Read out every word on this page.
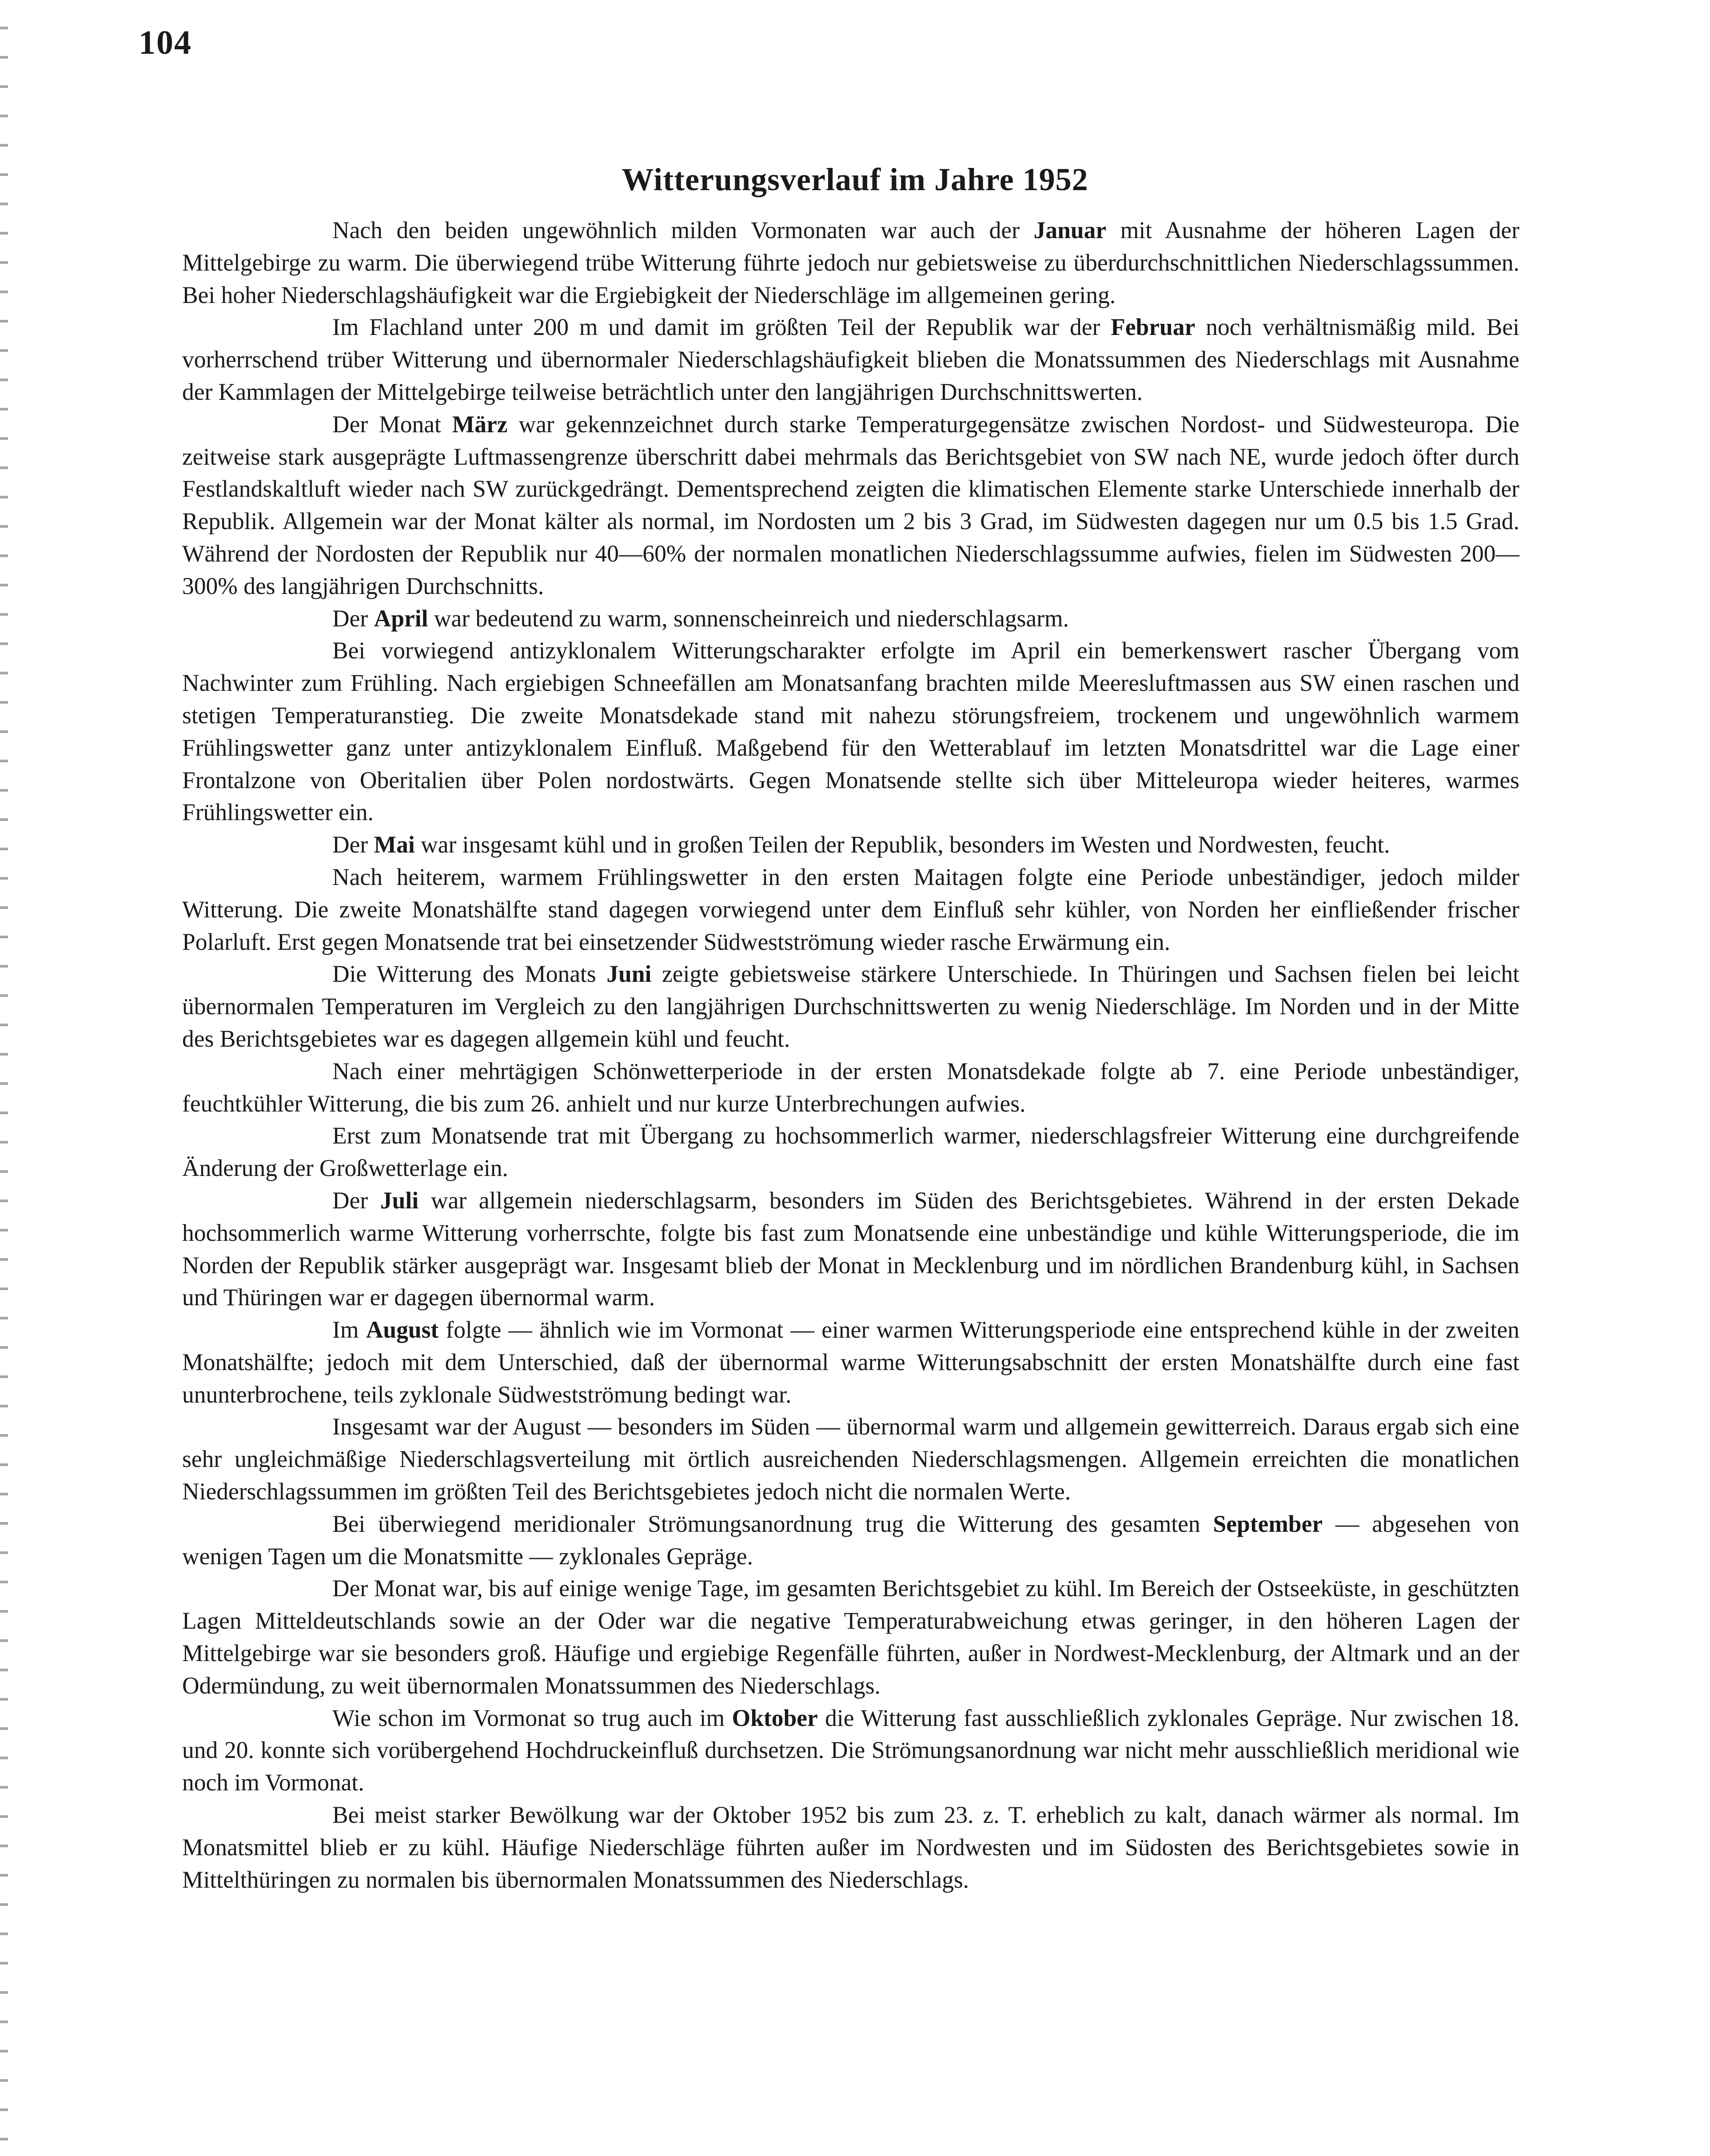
104
Witterungsverlauf im Jahre 1952

Nach den beiden ungewöhnlich milden Vormonaten war auch der Januar mit Ausnahme der höheren Lagen der Mittelgebirge zu warm. Die überwiegend trübe Witterung führte jedoch nur gebietsweise zu überdurchschnittlichen Niederschlagssummen. Bei hoher Niederschlagshäufigkeit war die Ergiebigkeit der Niederschläge im allgemeinen gering.

Im Flachland unter 200 m und damit im größten Teil der Republik war der Februar noch verhältnismäßig mild. Bei vorherrschend trüber Witterung und übernormaler Niederschlagshäufigkeit blieben die Monatssummen des Niederschlags mit Ausnahme der Kammlagen der Mittelgebirge teilweise beträchtlich unter den langjährigen Durchschnittswerten.

Der Monat März war gekennzeichnet durch starke Temperaturgegensätze zwischen Nordost- und Südwesteuropa. Die zeitweise stark ausgeprägte Luftmassengrenze überschritt dabei mehrmals das Berichtsgebiet von SW nach NE, wurde jedoch öfter durch Festlandskaltluft wieder nach SW zurückgedrängt. Dementsprechend zeigten die klimatischen Elemente starke Unterschiede innerhalb der Republik. Allgemein war der Monat kälter als normal, im Nordosten um 2 bis 3 Grad, im Südwesten dagegen nur um 0.5 bis 1.5 Grad. Während der Nordosten der Republik nur 40—60% der normalen monatlichen Niederschlagssumme aufwies, fielen im Südwesten 200—300% des langjährigen Durchschnitts.

Der April war bedeutend zu warm, sonnenscheinreich und niederschlagsarm.

Bei vorwiegend antizyklonalem Witterungscharakter erfolgte im April ein bemerkenswert rascher Übergang vom Nachwinter zum Frühling. Nach ergiebigen Schneefällen am Monatsanfang brachten milde Meeresluftmassen aus SW einen raschen und stetigen Temperaturanstieg. Die zweite Monatsdekade stand mit nahezu störungsfreiem, trockenem und ungewöhnlich warmem Frühlingswetter ganz unter antizyklonalem Einfluß. Maßgebend für den Wetterablauf im letzten Monatsdrittel war die Lage einer Frontalzone von Oberitalien über Polen nordostwärts. Gegen Monatsende stellte sich über Mitteleuropa wieder heiteres, warmes Frühlingswetter ein.

Der Mai war insgesamt kühl und in großen Teilen der Republik, besonders im Westen und Nordwesten, feucht.

Nach heiterem, warmem Frühlingswetter in den ersten Maitagen folgte eine Periode unbeständiger, jedoch milder Witterung. Die zweite Monatshälfte stand dagegen vorwiegend unter dem Einfluß sehr kühler, von Norden her einfließender frischer Polarluft. Erst gegen Monatsende trat bei einsetzender Südwestströmung wieder rasche Erwärmung ein.

Die Witterung des Monats Juni zeigte gebietsweise stärkere Unterschiede. In Thüringen und Sachsen fielen bei leicht übernormalen Temperaturen im Vergleich zu den langjährigen Durchschnittswerten zu wenig Niederschläge. Im Norden und in der Mitte des Berichtsgebietes war es dagegen allgemein kühl und feucht.

Nach einer mehrtägigen Schönwetterperiode in der ersten Monatsdekade folgte ab 7. eine Periode unbeständiger, feuchtkühler Witterung, die bis zum 26. anhielt und nur kurze Unterbrechungen aufwies.

Erst zum Monatsende trat mit Übergang zu hochsommerlich warmer, niederschlagsfreier Witterung eine durchgreifende Änderung der Großwetterlage ein.

Der Juli war allgemein niederschlagsarm, besonders im Süden des Berichtsgebietes. Während in der ersten Dekade hochsommerlich warme Witterung vorherrschte, folgte bis fast zum Monatsende eine unbeständige und kühle Witterungsperiode, die im Norden der Republik stärker ausgeprägt war. Insgesamt blieb der Monat in Mecklenburg und im nördlichen Brandenburg kühl, in Sachsen und Thüringen war er dagegen übernormal warm.

Im August folgte — ähnlich wie im Vormonat — einer warmen Witterungsperiode eine entsprechend kühle in der zweiten Monatshälfte; jedoch mit dem Unterschied, daß der übernormal warme Witterungsabschnitt der ersten Monatshälfte durch eine fast ununterbrochene, teils zyklonale Südwestströmung bedingt war.

Insgesamt war der August — besonders im Süden — übernormal warm und allgemein gewitterreich. Daraus ergab sich eine sehr ungleichmäßige Niederschlagsverteilung mit örtlich ausreichenden Niederschlagsmengen. Allgemein erreichten die monatlichen Niederschlagssummen im größten Teil des Berichtsgebietes jedoch nicht die normalen Werte.

Bei überwiegend meridionaler Strömungsanordnung trug die Witterung des gesamten September — abgesehen von wenigen Tagen um die Monatsmitte — zyklonales Gepräge.

Der Monat war, bis auf einige wenige Tage, im gesamten Berichtsgebiet zu kühl. Im Bereich der Ostseeküste, in geschützten Lagen Mitteldeutschlands sowie an der Oder war die negative Temperaturabweichung etwas geringer, in den höheren Lagen der Mittelgebirge war sie besonders groß. Häufige und ergiebige Regenfälle führten, außer in Nordwest-Mecklenburg, der Altmark und an der Odermündung, zu weit übernormalen Monatssummen des Niederschlags.

Wie schon im Vormonat so trug auch im Oktober die Witterung fast ausschließlich zyklonales Gepräge. Nur zwischen 18. und 20. konnte sich vorübergehend Hochdruckeinfluß durchsetzen. Die Strömungsanordnung war nicht mehr ausschließlich meridional wie noch im Vormonat.

Bei meist starker Bewölkung war der Oktober 1952 bis zum 23. z. T. erheblich zu kalt, danach wärmer als normal. Im Monatsmittel blieb er zu kühl. Häufige Niederschläge führten außer im Nordwesten und im Südosten des Berichtsgebietes sowie in Mittelthüringen zu normalen bis übernormalen Monatssummen des Niederschlags.
